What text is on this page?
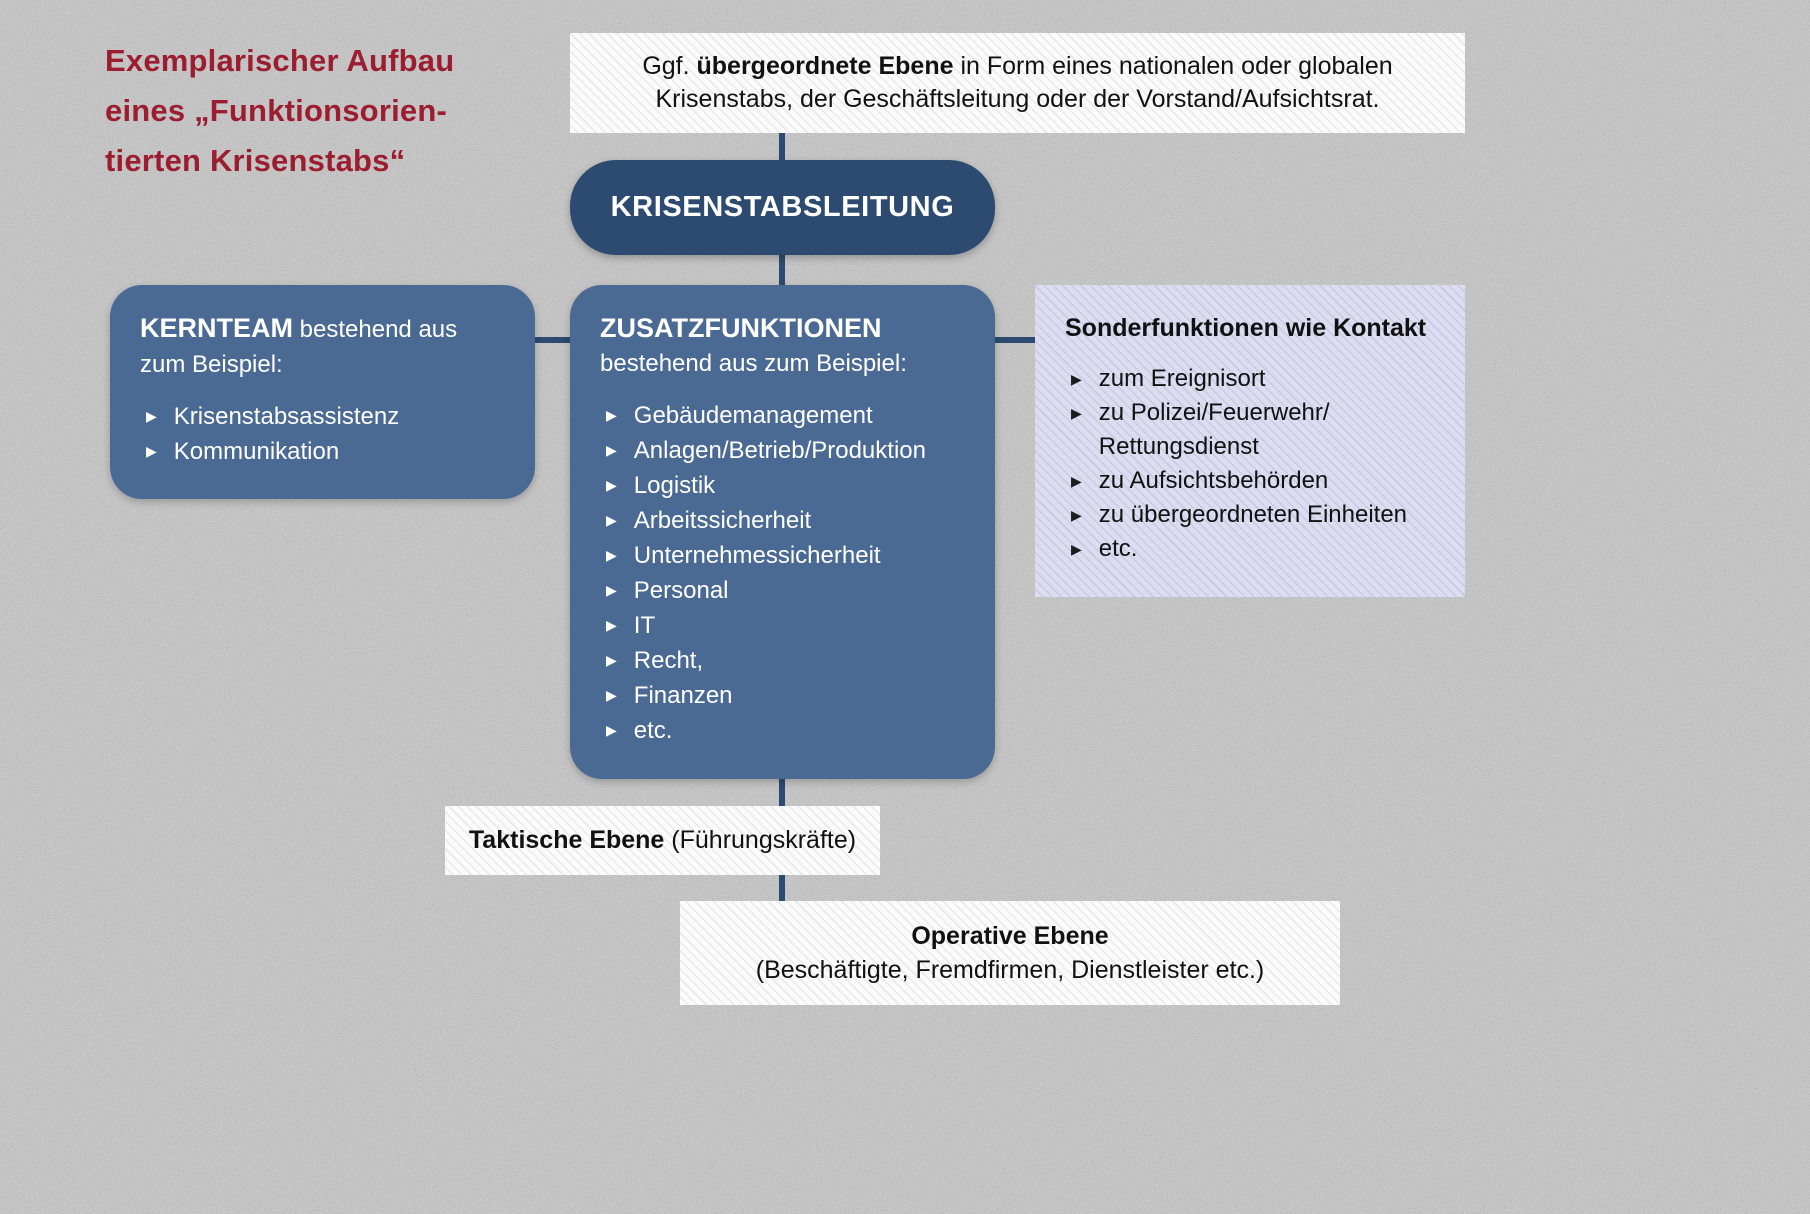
Exemplarischer Aufbau
eines „Funktionsorien-
tierten Krisenstabs“

Ggf. übergeordnete Ebene in Form eines nationalen oder globalen Krisenstabs, der Geschäftsleitung oder der Vorstand/Aufsichtsrat.

KRISENSTABSLEITUNG
KERNTEAM bestehend aus zum Beispiel:
▶ Krisenstabsassistenz
▶ Kommunikation
ZUSATZFUNKTIONEN
bestehend aus zum Beispiel:
▶ Gebäudemanagement
▶ Anlagen/Betrieb/Produktion
▶ Logistik
▶ Arbeitssicherheit
▶ Unternehmessicherheit
▶ Personal
▶ IT
▶ Recht,
▶ Finanzen
▶ etc.
Sonderfunktionen wie Kontakt
▶ zum Ereignisort
▶ zu Polizei/Feuerwehr/ Rettungsdienst
▶ zu Aufsichtsbehörden
▶ zu übergeordneten Einheiten
▶ etc.

Taktische Ebene (Führungskräfte)

Operative Ebene
(Beschäftigte, Fremdfirmen, Dienstleister etc.)
